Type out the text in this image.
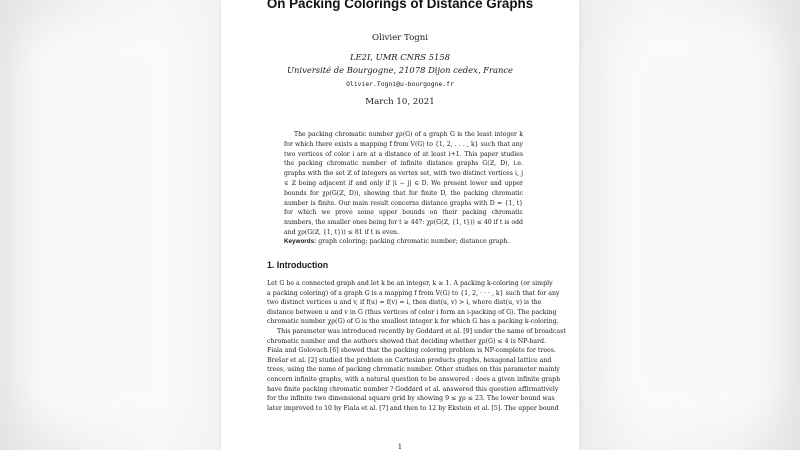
On Packing Colorings of Distance Graphs
Olivier Togni
LE2I, UMR CNRS 5158
Université de Bourgogne, 21078 Dijon cedex, France
Olivier.Togni@u-bourgogne.fr
March 10, 2021
The packing chromatic number χρ(G) of a graph G is the least integer k for which there exists a mapping f from V(G) to {1, 2, . . . , k} such that any two vertices of color i are at a distance of at least i+1. This paper studies the packing chromatic number of infinite distance graphs G(ℤ, D), i.e. graphs with the set ℤ of integers as vertex set, with two distinct vertices i, j ∈ ℤ being adjacent if and only if |i − j| ∈ D. We present lower and upper bounds for χρ(G(ℤ, D)), showing that for finite D, the packing chromatic number is finite. Our main result concerns distance graphs with D = {1, t} for which we prove some upper bounds on their packing chromatic numbers, the smaller ones being for t ≥ 447: χρ(G(ℤ, {1, t})) ≤ 40 if t is odd and χρ(G(ℤ, {1, t})) ≤ 81 if t is even.
Keywords: graph coloring; packing chromatic number; distance graph.
1. Introduction
Let G be a connected graph and let k be an integer, k ≥ 1. A packing k-coloring (or simply
a packing coloring) of a graph G is a mapping f from V(G) to {1, 2, · · · , k} such that for any
two distinct vertices u and v, if f(u) = f(v) = i, then dist(u, v) > i, where dist(u, v) is the
distance between u and v in G (thus vertices of color i form an i-packing of G). The packing
chromatic number χρ(G) of G is the smallest integer k for which G has a packing k-coloring.
This parameter was introduced recently by Goddard et al. [9] under the name of broadcast
chromatic number and the authors showed that deciding whether χρ(G) ≤ 4 is NP-hard.
Fiala and Golovach [6] showed that the packing coloring problem is NP-complete for trees.
Brešar et al. [2] studied the problem on Cartesian products graphs, hexagonal lattice and
trees, using the name of packing chromatic number. Other studies on this parameter mainly
concern infinite graphs, with a natural question to be answered : does a given infinite graph
have finite packing chromatic number ? Goddard et al. answered this question affirmatively
for the infinite two dimensional square grid by showing 9 ≤ χρ ≤ 23. The lower bound was
later improved to 10 by Fiala et al. [7] and then to 12 by Ekstein et al. [5]. The upper bound
1
